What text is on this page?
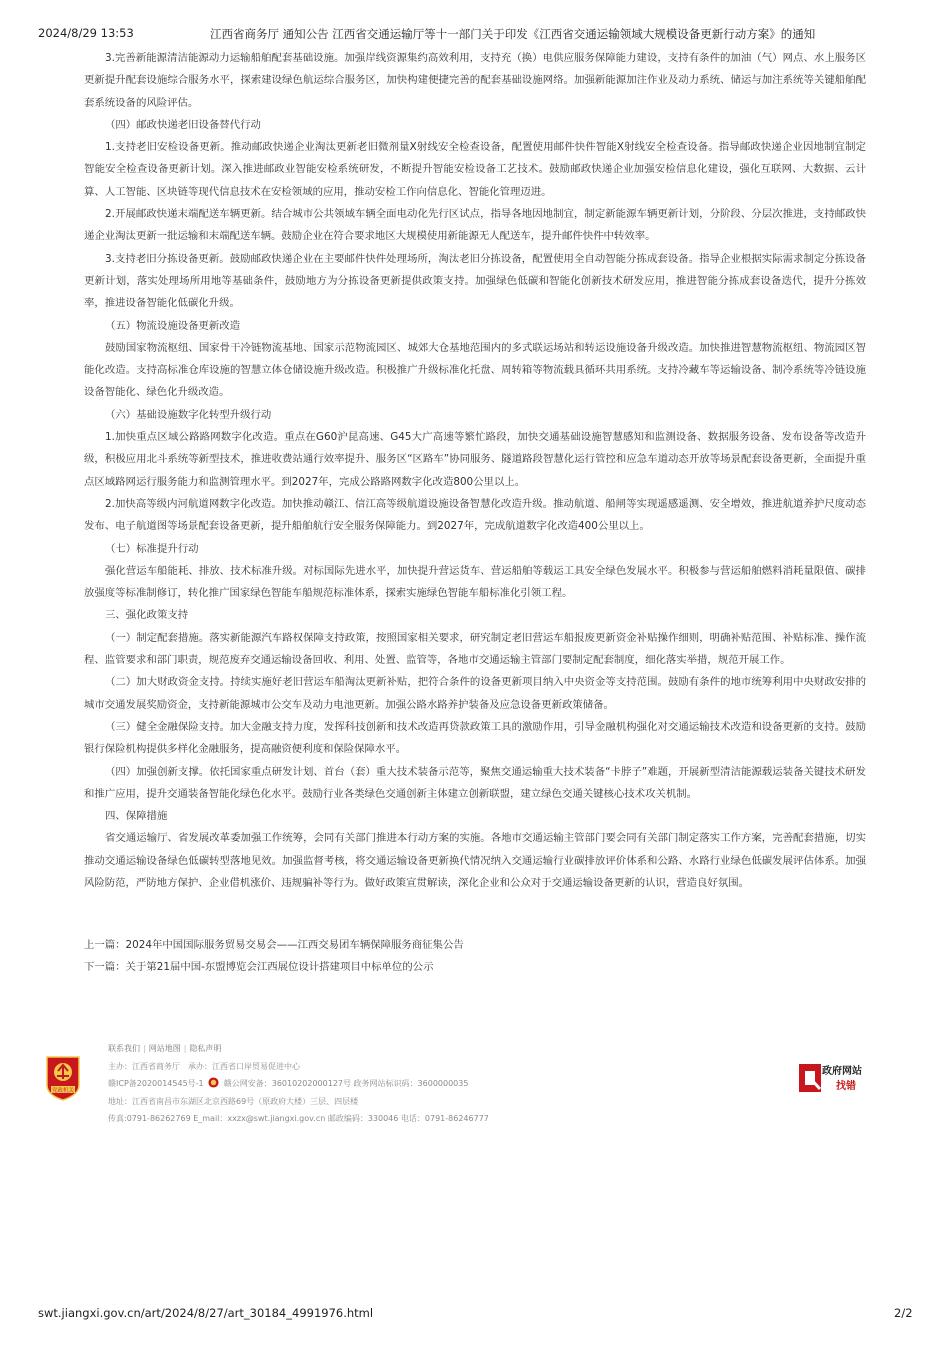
2024/8/29 13:53	江西省商务厅 通知公告 江西省交通运输厅等十一部门关于印发《江西省交通运输领域大规模设备更新行动方案》的通知

3.完善新能源清洁能源动力运输船舶配套基础设施。加强岸线资源集约高效利用，支持充（换）电供应服务保障能力建设，支持有条件的加油（气）网点、水上服务区更新提升配套设施综合服务水平，探索建设绿色航运综合服务区，加快构建便捷完善的配套基础设施网络。加强新能源加注作业及动力系统、储运与加注系统等关键船舶配套系统设备的风险评估。

（四）邮政快递老旧设备替代行动

1.支持老旧安检设备更新。推动邮政快递企业淘汰更新老旧微剂量X射线安全检查设备，配置使用邮件快件智能X射线安全检查设备。指导邮政快递企业因地制宜制定智能安全检查设备更新计划。深入推进邮政业智能安检系统研发，不断提升智能安检设备工艺技术。鼓励邮政快递企业加强安检信息化建设，强化互联网、大数据、云计算、人工智能、区块链等现代信息技术在安检领域的应用，推动安检工作向信息化、智能化管理迈进。

2.开展邮政快递末端配送车辆更新。结合城市公共领域车辆全面电动化先行区试点，指导各地因地制宜，制定新能源车辆更新计划，分阶段、分层次推进，支持邮政快递企业淘汰更新一批运输和末端配送车辆。鼓励企业在符合要求地区大规模使用新能源无人配送车，提升邮件快件中转效率。

3.支持老旧分拣设备更新。鼓励邮政快递企业在主要邮件快件处理场所，淘汰老旧分拣设备，配置使用全自动智能分拣成套设备。指导企业根据实际需求制定分拣设备更新计划，落实处理场所用地等基础条件，鼓励地方为分拣设备更新提供政策支持。加强绿色低碳和智能化创新技术研发应用，推进智能分拣成套设备迭代，提升分拣效率，推进设备智能化低碳化升级。

（五）物流设施设备更新改造

鼓励国家物流枢纽、国家骨干冷链物流基地、国家示范物流园区、城郊大仓基地范围内的多式联运场站和转运设施设备升级改造。加快推进智慧物流枢纽、物流园区智能化改造。支持高标准仓库设施的智慧立体仓储设施升级改造。积极推广升级标准化托盘、周转箱等物流载具循环共用系统。支持冷藏车等运输设备、制冷系统等冷链设施设备智能化、绿色化升级改造。

（六）基础设施数字化转型升级行动

1.加快重点区域公路路网数字化改造。重点在G60沪昆高速、G45大广高速等繁忙路段，加快交通基础设施智慧感知和监测设备、数据服务设备、发布设备等改造升级，积极应用北斗系统等新型技术，推进收费站通行效率提升、服务区“区路车”协同服务、隧道路段智慧化运行管控和应急车道动态开放等场景配套设备更新，全面提升重点区域路网运行服务能力和监测管理水平。到2027年，完成公路路网数字化改造800公里以上。

2.加快高等级内河航道网数字化改造。加快推动赣江、信江高等级航道设施设备智慧化改造升级。推动航道、船闸等实现遥感遥测、安全增效，推进航道养护尺度动态发布、电子航道图等场景配套设备更新，提升船舶航行安全服务保障能力。到2027年，完成航道数字化改造400公里以上。

（七）标准提升行动

强化营运车船能耗、排放、技术标准升级。对标国际先进水平，加快提升营运货车、营运船舶等载运工具安全绿色发展水平。积极参与营运船舶燃料消耗量限值、碳排放强度等标准制修订，转化推广国家绿色智能车船规范标准体系，探索实施绿色智能车船标准化引领工程。

三、强化政策支持

（一）制定配套措施。落实新能源汽车路权保障支持政策，按照国家相关要求，研究制定老旧营运车船报废更新资金补贴操作细则，明确补贴范围、补贴标准、操作流程、监管要求和部门职责，规范废弃交通运输设备回收、利用、处置、监管等，各地市交通运输主管部门要制定配套制度，细化落实举措，规范开展工作。

（二）加大财政资金支持。持续实施好老旧营运车船淘汰更新补贴，把符合条件的设备更新项目纳入中央资金等支持范围。鼓励有条件的地市统筹利用中央财政安排的城市交通发展奖励资金，支持新能源城市公交车及动力电池更新。加强公路水路养护装备及应急设备更新政策储备。

（三）健全金融保险支持。加大金融支持力度，发挥科技创新和技术改造再贷款政策工具的激励作用，引导金融机构强化对交通运输技术改造和设备更新的支持。鼓励银行保险机构提供多样化金融服务，提高融资便利度和保险保障水平。

（四）加强创新支撑。依托国家重点研发计划、首台（套）重大技术装备示范等，聚焦交通运输重大技术装备“卡脖子”难题，开展新型清洁能源载运装备关键技术研发和推广应用，提升交通装备智能化绿色化水平。鼓励行业各类绿色交通创新主体建立创新联盟，建立绿色交通关键核心技术攻关机制。

四、保障措施

省交通运输厅、省发展改革委加强工作统筹，会同有关部门推进本行动方案的实施。各地市交通运输主管部门要会同有关部门制定落实工作方案，完善配套措施，切实推动交通运输设备绿色低碳转型落地见效。加强监督考核，将交通运输设备更新换代情况纳入交通运输行业碳排放评价体系和公路、水路行业绿色低碳发展评估体系。加强风险防范，严防地方保护、企业借机涨价、违规骗补等行为。做好政策宣贯解读，深化企业和公众对于交通运输设备更新的认识，营造良好氛围。

上一篇：2024年中国国际服务贸易交易会——江西交易团车辆保障服务商征集公告
下一篇：关于第21届中国-东盟博览会江西展位设计搭建项目中标单位的公示
党政机关
联系我们 | 网站地图 | 隐私声明
主办：江西省商务厅　承办：江西省口岸贸易促进中心
赣ICP备2020014545号-1	赣公网安备：36010202000127号 政务网站标识码：3600000035
地址：江西省南昌市东湖区北京西路69号（原政府大楼）三层、四层楼
传真:0791-86262769 E_mail：xxzx@swt.jiangxi.gov.cn 邮政编码：330046 电话：0791-86246777
政府网站
找错
swt.jiangxi.gov.cn/art/2024/8/27/art_30184_4991976.html	2/2
